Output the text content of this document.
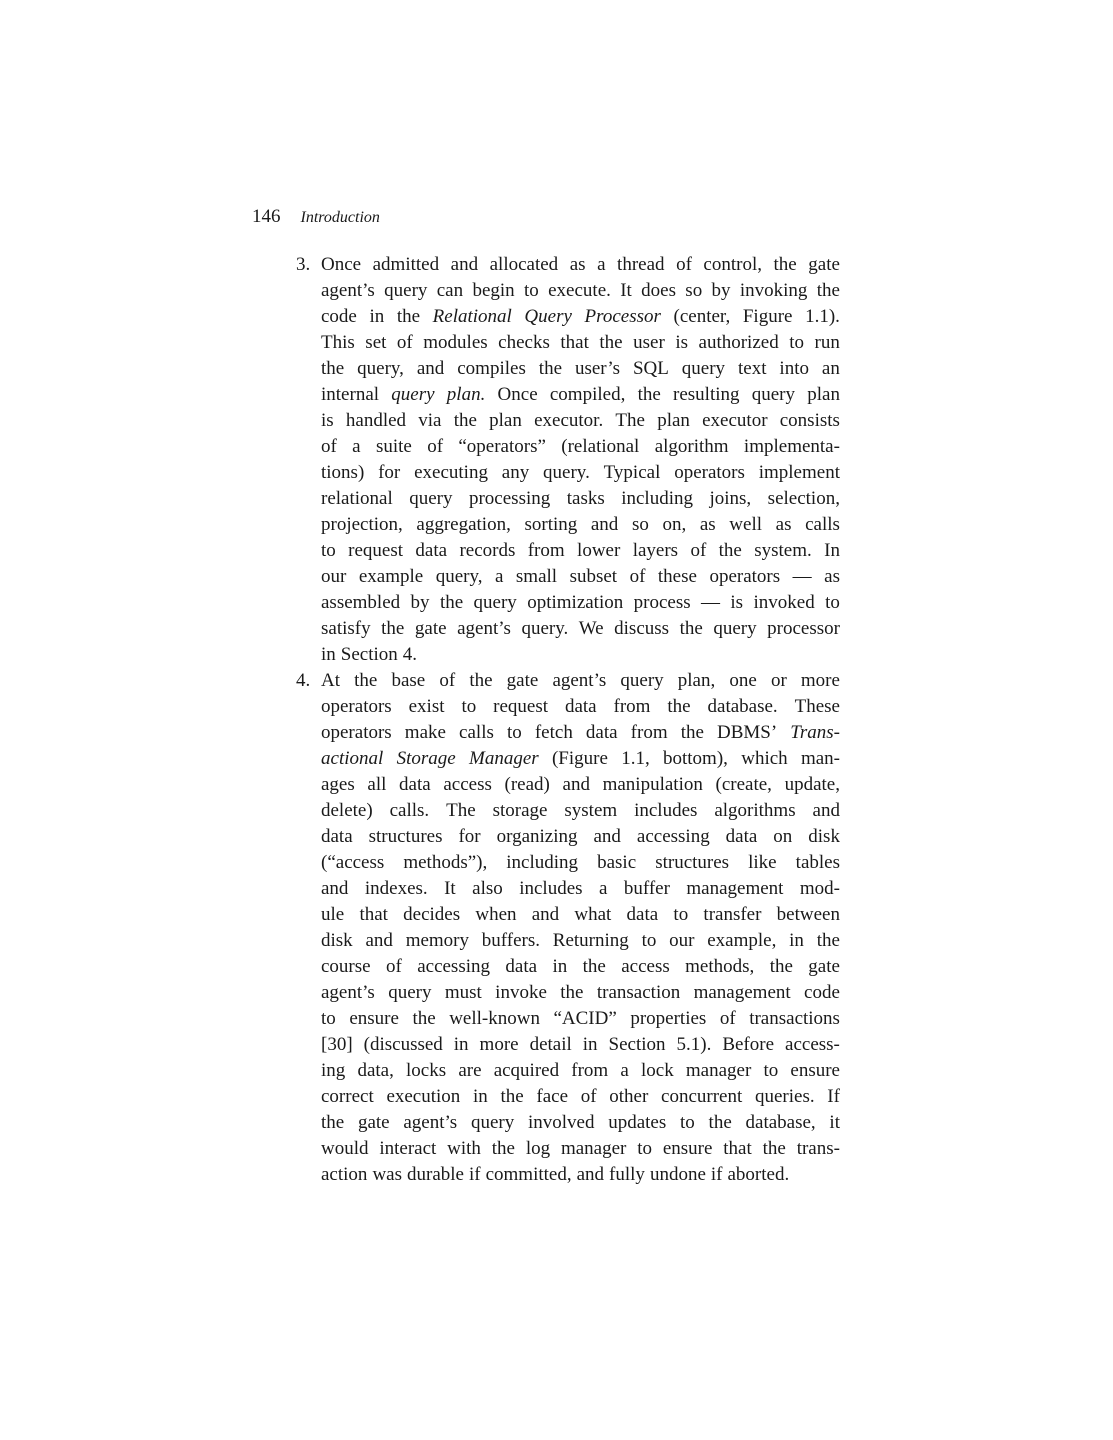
146 Introduction
3. Once admitted and allocated as a thread of control, the gate
agent’s query can begin to execute. It does so by invoking the
code in the Relational Query Processor (center, Figure 1.1).
This set of modules checks that the user is authorized to run
the query, and compiles the user’s SQL query text into an
internal query plan. Once compiled, the resulting query plan
is handled via the plan executor. The plan executor consists
of a suite of “operators” (relational algorithm implementa-
tions) for executing any query. Typical operators implement
relational query processing tasks including joins, selection,
projection, aggregation, sorting and so on, as well as calls
to request data records from lower layers of the system. In
our example query, a small subset of these operators — as
assembled by the query optimization process — is invoked to
satisfy the gate agent’s query. We discuss the query processor
in Section 4.
4. At the base of the gate agent’s query plan, one or more
operators exist to request data from the database. These
operators make calls to fetch data from the DBMS’ Trans-
actional Storage Manager (Figure 1.1, bottom), which man-
ages all data access (read) and manipulation (create, update,
delete) calls. The storage system includes algorithms and
data structures for organizing and accessing data on disk
(“access methods”), including basic structures like tables
and indexes. It also includes a buffer management mod-
ule that decides when and what data to transfer between
disk and memory buffers. Returning to our example, in the
course of accessing data in the access methods, the gate
agent’s query must invoke the transaction management code
to ensure the well-known “ACID” properties of transactions
[30] (discussed in more detail in Section 5.1). Before access-
ing data, locks are acquired from a lock manager to ensure
correct execution in the face of other concurrent queries. If
the gate agent’s query involved updates to the database, it
would interact with the log manager to ensure that the trans-
action was durable if committed, and fully undone if aborted.
